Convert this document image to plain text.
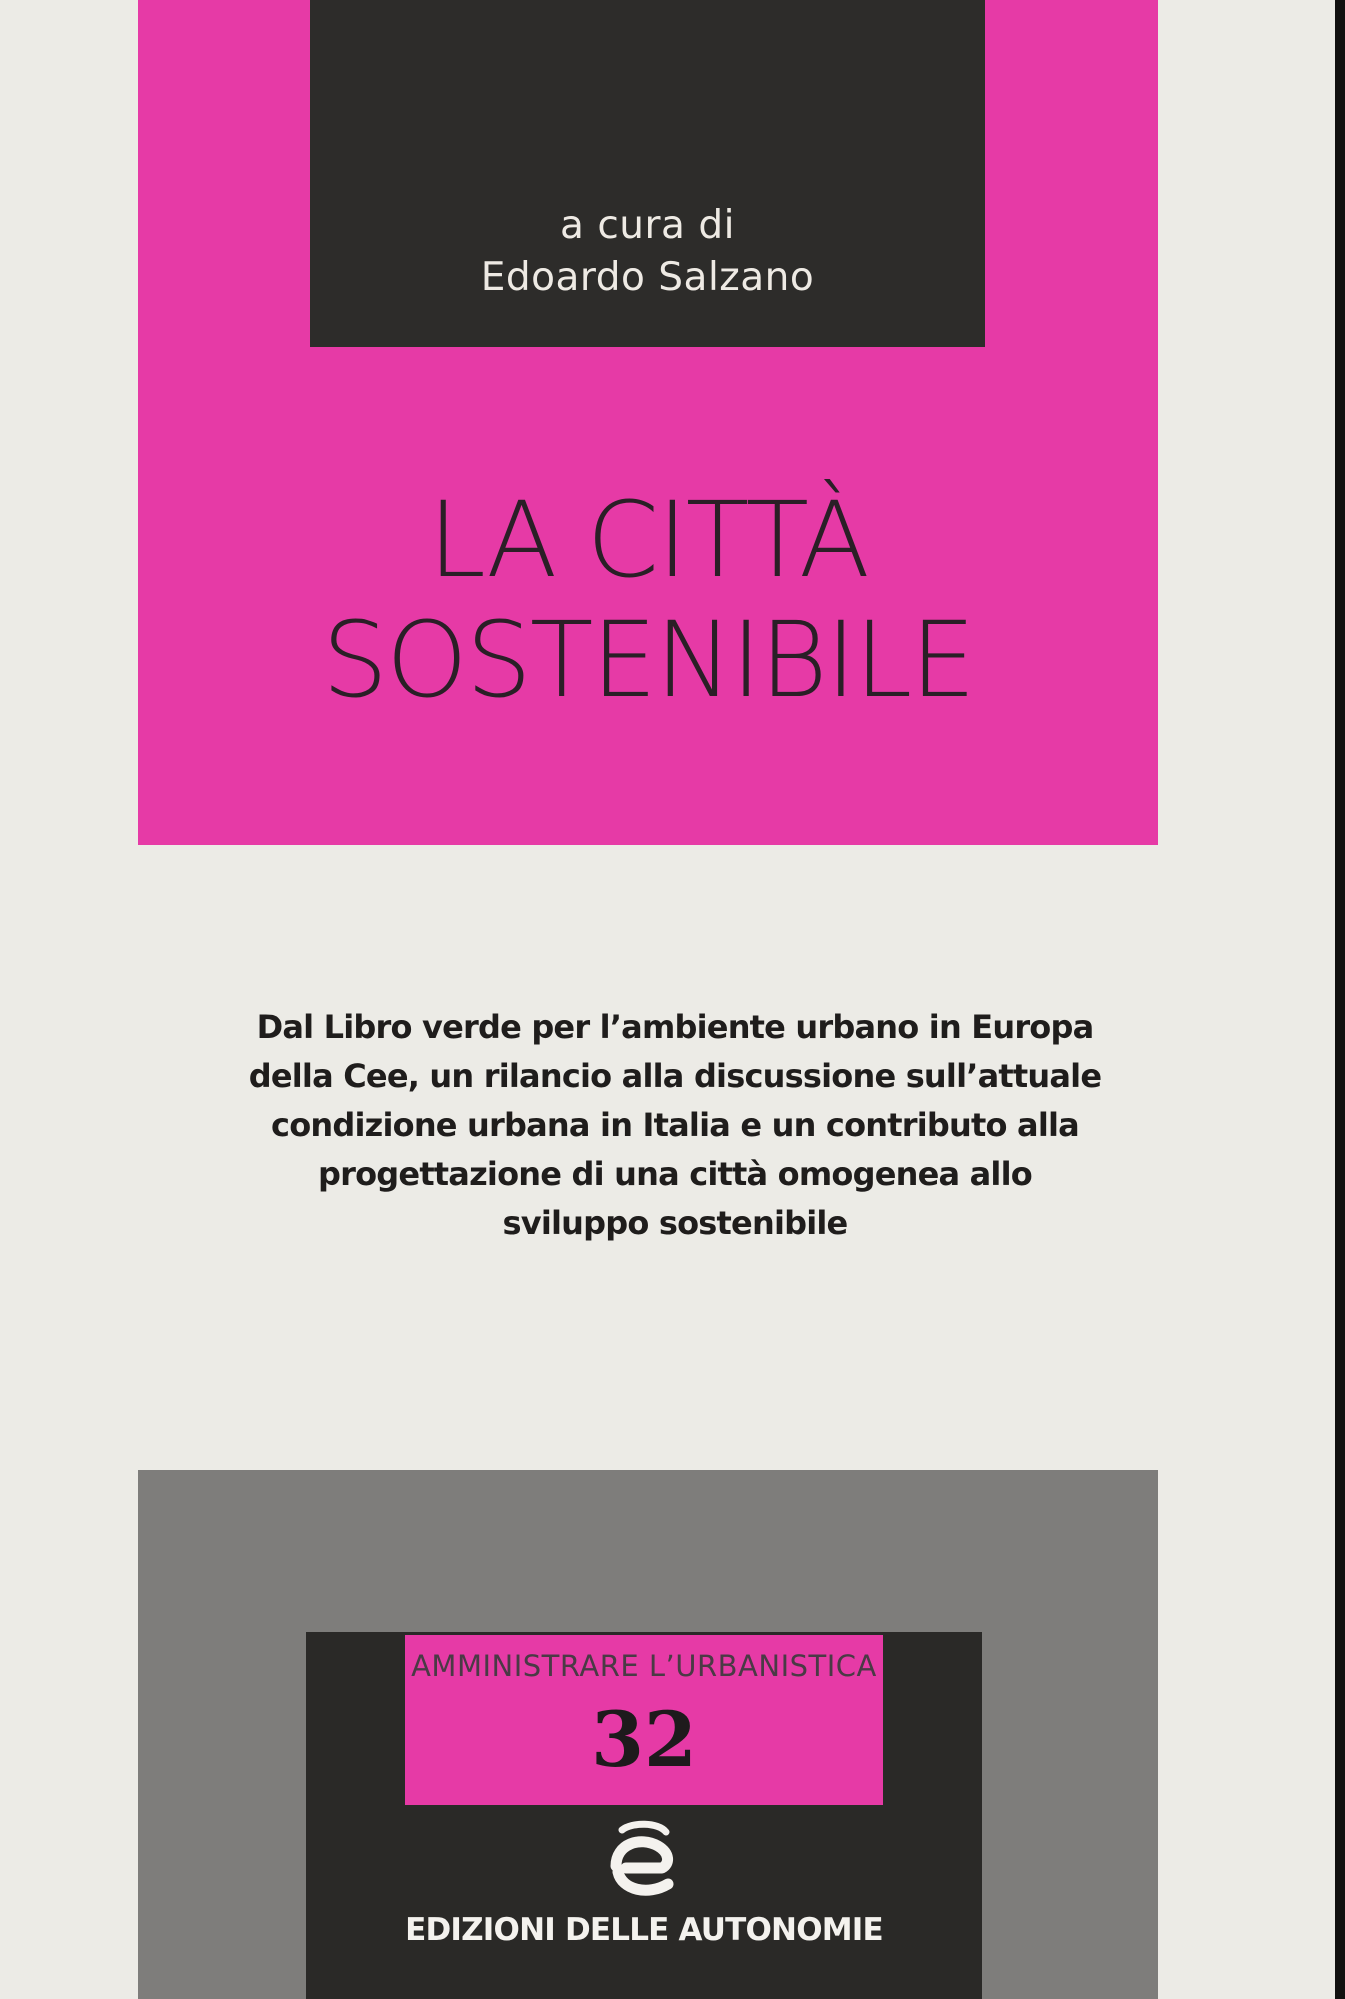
a cura di
Edoardo Salzano
LA CITTÀ
SOSTENIBILE
Dal Libro verde per l’ambiente urbano in Europa
della Cee, un rilancio alla discussione sull’attuale
condizione urbana in Italia e un contributo alla
progettazione di una città omogenea allo
sviluppo sostenibile
AMMINISTRARE L’URBANISTICA
32
EDIZIONI DELLE AUTONOMIE
